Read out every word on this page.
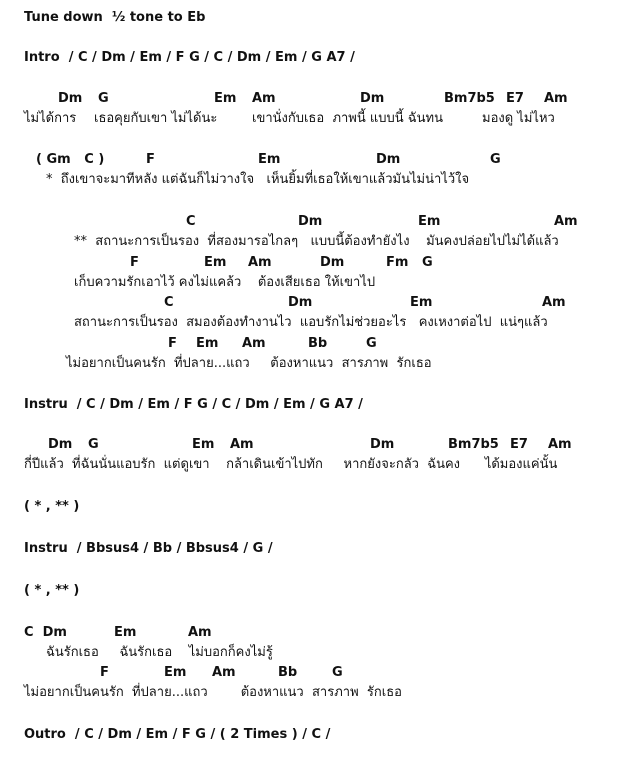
Tune down  ½ tone to Eb
Intro  / C / Dm / Em / F G / C / Dm / Em / G A7 /

Dm

G

	Em

Am

	Dm

	Bm7b5

E7

Am

ไม่ได้การ

เธอคุยกับเขา ไม่ได้นะ

	เขานั่งกับเธอ  ภาพนี้ แบบนี้ ฉันทน

	มองดู ไม่ไหว

( Gm   C )

	F

	Em

	Dm

	G

*  ถึงเขาจะมาทีหลัง แต่ฉันก็ไม่วางใจ   เห็นยิ้มที่เธอให้เขาแล้วมันไม่น่าไว้ใจ

C

	Dm

	Em

	Am

**  สถานะการเป็นรอง  ที่สองมารอไกลๆ   แบบนี้ต้องทำยังไง    มันคงปล่อยไปไม่ได้แล้ว

F

	Em

Am

	Dm

	Fm

G

เก็บความรักเอาไว้ คงไม่แคล้ว    ต้องเสียเธอ ให้เขาไป

C

	Dm

	Em

	Am

สถานะการเป็นรอง  สมองต้องทำงานไว  แอบรักไม่ช่วยอะไร   คงเหงาต่อไป  แน่ๆแล้ว

F

Em

Am

	Bb

	G

ไม่อยากเป็นคนรัก  ที่ปลาย...แถว     ต้องหาแนว  สารภาพ  รักเธอ
Instru  / C / Dm / Em / F G / C / Dm / Em / G A7 /

Dm

G

	Em

Am

	Dm

	Bm7b5

E7

Am

กี่ปีแล้ว  ที่ฉันนั่นแอบรัก  แต่ดูเขา    กล้าเดินเข้าไปทัก     หากยังจะกลัว  ฉันคง      ได้มองแค่นั้น
( * , ** )
Instru  / Bbsus4 / Bb / Bbsus4 / G /
( * , ** )

C  Dm

	Em

	Am

ฉันรักเธอ     ฉันรักเธอ    ไม่บอกก็คงไม่รู้

F

	Em

Am

	Bb

	G

ไม่อยากเป็นคนรัก  ที่ปลาย...แถว        ต้องหาแนว  สารภาพ  รักเธอ
Outro  / C / Dm / Em / F G / ( 2 Times ) / C /
